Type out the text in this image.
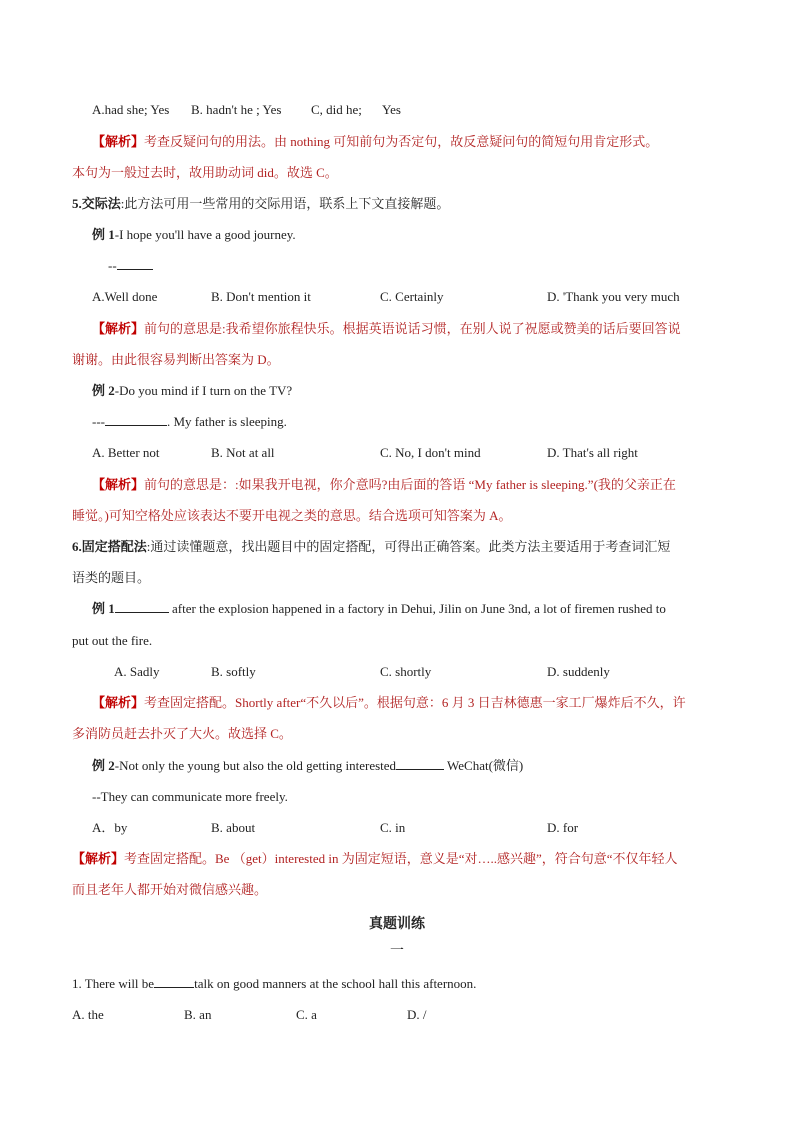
A.had she; Yes B. hadn't he ; Yes C, did he; Yes
【解析】考查反疑问句的用法。由 nothing 可知前句为否定句，故反意疑问句的简短句用肯定形式。
本句为一般过去时，故用助动词 did。故选 C。
5.交际法:此方法可用一些常用的交际用语，联系上下文直接解题。
例 1-I hope you'll have a good journey.
--
A.Well done	B. Don't mention it	C. Certainly	D. 'Thank you very much
【解析】前句的意思是:我希望你旅程快乐。根据英语说话习惯，在别人说了祝愿或赞美的话后要回答说
谢谢。由此很容易判断出答案为 D。
例 2-Do you mind if I turn on the TV?
---	. My father is sleeping.
A. Better not	B. Not at all	C. No, I don't mind	D. That's all right
【解析】前句的意思是：:如果我开电视，你介意吗?由后面的答语 “My father is sleeping.”(我的父亲正在
睡觉。)可知空格处应该表达不要开电视之类的意思。结合选项可知答案为 A。
6.固定搭配法:通过读懂题意，找出题目中的固定搭配，可得出正确答案。此类方法主要适用于考查词汇短
语类的题目。
例 1	after the explosion happened in a factory in Dehui, Jilin on June 3nd, a lot of firemen rushed to
put out the fire.
A. Sadly	B. softly	C. shortly	D. suddenly
【解析】考查固定搭配。Shortly after“不久以后”。根据句意：6 月 3 日吉林德惠一家工厂爆炸后不久，许
多消防员赶去扑灭了大火。故选择 C。
例 2-Not only the young but also the old getting interested	WeChat(微信)
--They can communicate more freely.
A．by	B. about	C. in	D. for
【解析】考查固定搭配。Be （get）interested in 为固定短语，意义是“对…..感兴趣”，符合句意“不仅年轻人
而且老年人都开始对微信感兴趣。
真题训练
一
1. There will be	talk on good manners at the school hall this afternoon.
A. the	B. an	C. a	D. /
